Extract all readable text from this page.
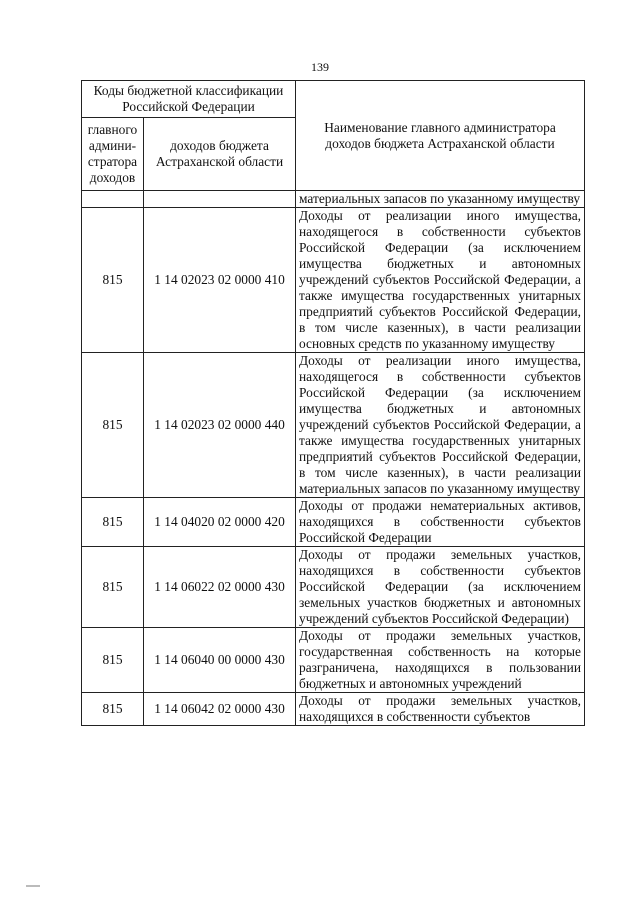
139
Коды бюджетной классификации Российской Федерации		Наименование главного администратора доходов бюджета Астраханской области
главного админи-стратора доходов	доходов бюджета Астраханской области	
		материальных запасов по указанному имуществу
815	1 14 02023 02 0000 410	Доходы от реализации иного имущества, находящегося в собственности субъектов Российской Федерации (за исключением имущества бюджетных и автономных учреждений субъектов Российской Федерации, а также имущества государственных унитарных предприятий субъектов Российской Федерации, в том числе казенных), в части реализации основных средств по указанному имуществу
815	1 14 02023 02 0000 440	Доходы от реализации иного имущества, находящегося в собственности субъектов Российской Федерации (за исключением имущества бюджетных и автономных учреждений субъектов Российской Федерации, а также имущества государственных унитарных предприятий субъектов Российской Федерации, в том числе казенных), в части реализации материальных запасов по указанному имуществу
815	1 14 04020 02 0000 420	Доходы от продажи нематериальных активов, находящихся в собственности субъектов Российской Федерации
815	1 14 06022 02 0000 430	Доходы от продажи земельных участков, находящихся в собственности субъектов Российской Федерации (за исключением земельных участков бюджетных и автономных учреждений субъектов Российской Федерации)
815	1 14 06040 00 0000 430	Доходы от продажи земельных участков, государственная собственность на которые разграничена, находящихся в пользовании бюджетных и автономных учреждений
815	1 14 06042 02 0000 430	Доходы от продажи земельных участков, находящихся в собственности субъектов
